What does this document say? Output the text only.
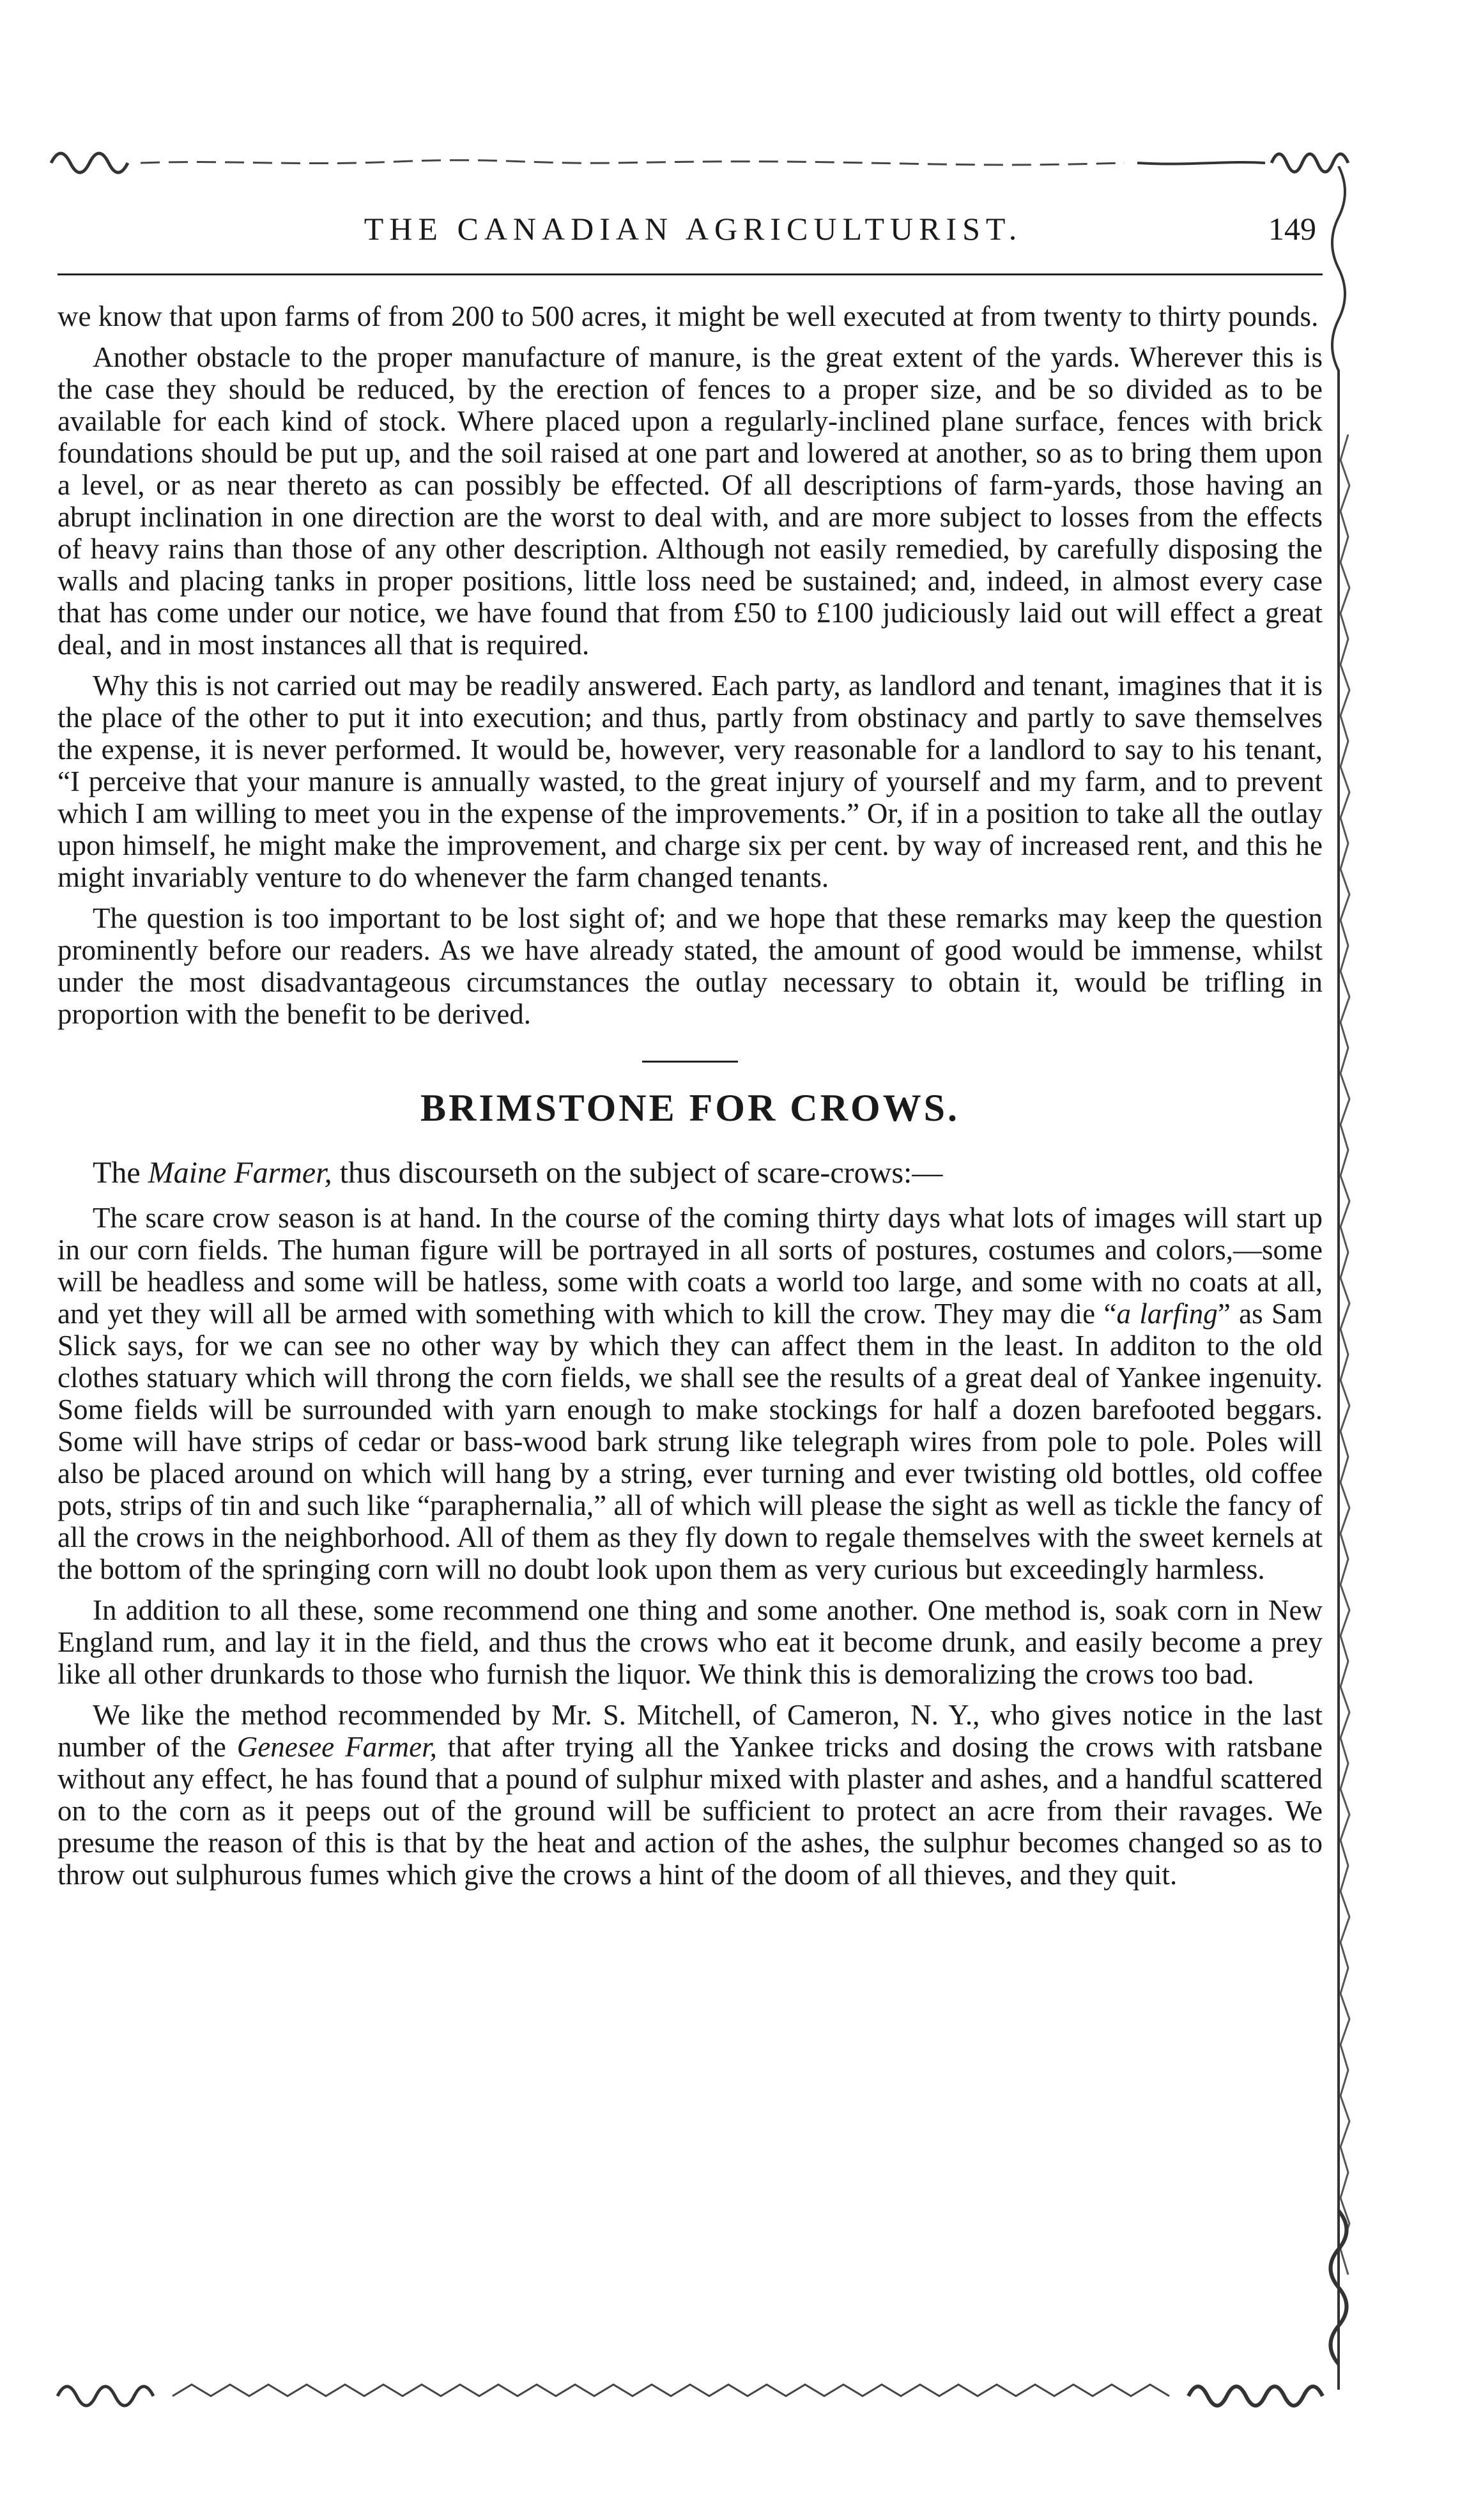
THE CANADIAN AGRICULTURIST.	149

we know that upon farms of from 200 to 500 acres, it might be well executed at from twenty to thirty pounds.

Another obstacle to the proper manufacture of manure, is the great extent of the yards. Wherever this is the case they should be reduced, by the erection of fences to a proper size, and be so divided as to be available for each kind of stock. Where placed upon a regularly-inclined plane surface, fences with brick foundations should be put up, and the soil raised at one part and lowered at another, so as to bring them upon a level, or as near thereto as can possibly be effected. Of all descriptions of farm-yards, those having an abrupt inclination in one direction are the worst to deal with, and are more subject to losses from the effects of heavy rains than those of any other description. Although not easily remedied, by carefully disposing the walls and placing tanks in proper positions, little loss need be sustained; and, indeed, in almost every case that has come under our notice, we have found that from £50 to £100 judiciously laid out will effect a great deal, and in most instances all that is required.

Why this is not carried out may be readily answered. Each party, as landlord and tenant, imagines that it is the place of the other to put it into execution; and thus, partly from obstinacy and partly to save themselves the expense, it is never performed. It would be, however, very reasonable for a landlord to say to his tenant, “I perceive that your manure is annually wasted, to the great injury of yourself and my farm, and to prevent which I am willing to meet you in the expense of the improvements.” Or, if in a position to take all the outlay upon himself, he might make the improvement, and charge six per cent. by way of increased rent, and this he might invariably venture to do whenever the farm changed tenants.

The question is too important to be lost sight of; and we hope that these remarks may keep the question prominently before our readers. As we have already stated, the amount of good would be immense, whilst under the most disadvantageous circumstances the outlay necessary to obtain it, would be trifling in proportion with the benefit to be derived.

BRIMSTONE FOR CROWS.

The Maine Farmer, thus discourseth on the subject of scare-crows:—

The scare crow season is at hand. In the course of the coming thirty days what lots of images will start up in our corn fields. The human figure will be portrayed in all sorts of postures, costumes and colors,—some will be headless and some will be hatless, some with coats a world too large, and some with no coats at all, and yet they will all be armed with something with which to kill the crow. They may die “a larfing” as Sam Slick says, for we can see no other way by which they can affect them in the least. In additon to the old clothes statuary which will throng the corn fields, we shall see the results of a great deal of Yankee ingenuity. Some fields will be surrounded with yarn enough to make stockings for half a dozen barefooted beggars. Some will have strips of cedar or bass-wood bark strung like telegraph wires from pole to pole. Poles will also be placed around on which will hang by a string, ever turning and ever twisting old bottles, old coffee pots, strips of tin and such like “paraphernalia,” all of which will please the sight as well as tickle the fancy of all the crows in the neighborhood. All of them as they fly down to regale themselves with the sweet kernels at the bottom of the springing corn will no doubt look upon them as very curious but exceedingly harmless.

In addition to all these, some recommend one thing and some another. One method is, soak corn in New England rum, and lay it in the field, and thus the crows who eat it become drunk, and easily become a prey like all other drunkards to those who furnish the liquor. We think this is demoralizing the crows too bad.

We like the method recommended by Mr. S. Mitchell, of Cameron, N. Y., who gives notice in the last number of the Genesee Farmer, that after trying all the Yankee tricks and dosing the crows with ratsbane without any effect, he has found that a pound of sulphur mixed with plaster and ashes, and a handful scattered on to the corn as it peeps out of the ground will be sufficient to protect an acre from their ravages. We presume the reason of this is that by the heat and action of the ashes, the sulphur becomes changed so as to throw out sulphurous fumes which give the crows a hint of the doom of all thieves, and they quit.
